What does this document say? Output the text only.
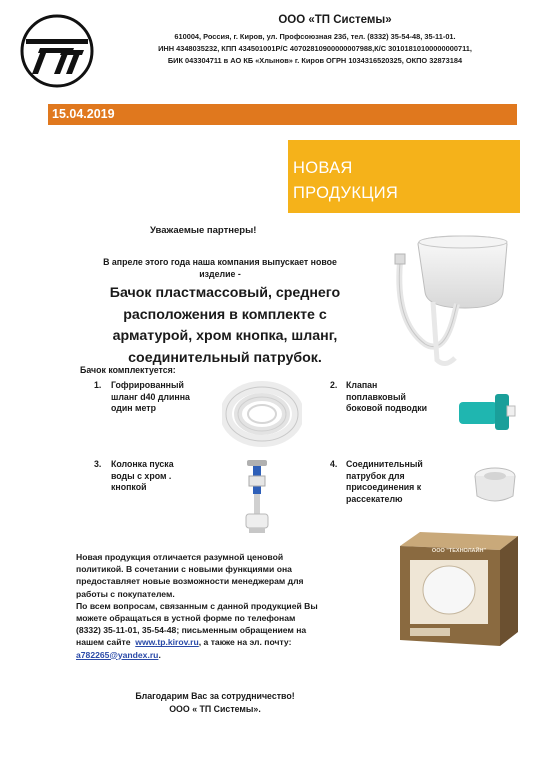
ООО «ТП Системы»
610004, Россия, г. Киров, ул. Профсоюзная 23б, тел. (8332) 35-54-48, 35-11-01.
ИНН 4348035232, КПП 434501001Р/С 40702810900000007988,К/С 30101810100000000711,
БИК 043304711 в АО КБ «Хлынов» г. Киров ОГРН 1034316520325, ОКПО 32873184
15.04.2019
НОВАЯ
ПРОДУКЦИЯ
Уважаемые партнеры!
В апреле этого года наша компания выпускает новое
изделие -
Бачок пластмассовый, среднего
расположения в комплекте с
арматурой, хром кнопка, шланг,
соединительный патрубок.
Бачок комплектуется:
1. Гофрированный
шланг d40 длинна
один метр
2. Клапан
поплавковый
боковой подводки
3. Колонка пуска
воды с хром .
кнопкой
4. Соединительный
патрубок для
присоединения к
рассекателю
Новая продукция отличается разумной ценовой
политикой. В сочетании с новыми функциями она
предоставляет новые возможности менеджерам для
работы с покупателем.
По всем вопросам, связанным с данной продукцией Вы
можете обращаться в устной форме по телефонам
(8332) 35-11-01, 35-54-48; письменным обращением на
нашем сайте www.tp.kirov.ru, а также на эл. почту:
a782265@yandex.ru.
ООО "ТЕХНОЛАЙН"
Благодарим Вас за сотрудничество!
ООО « ТП Системы».
